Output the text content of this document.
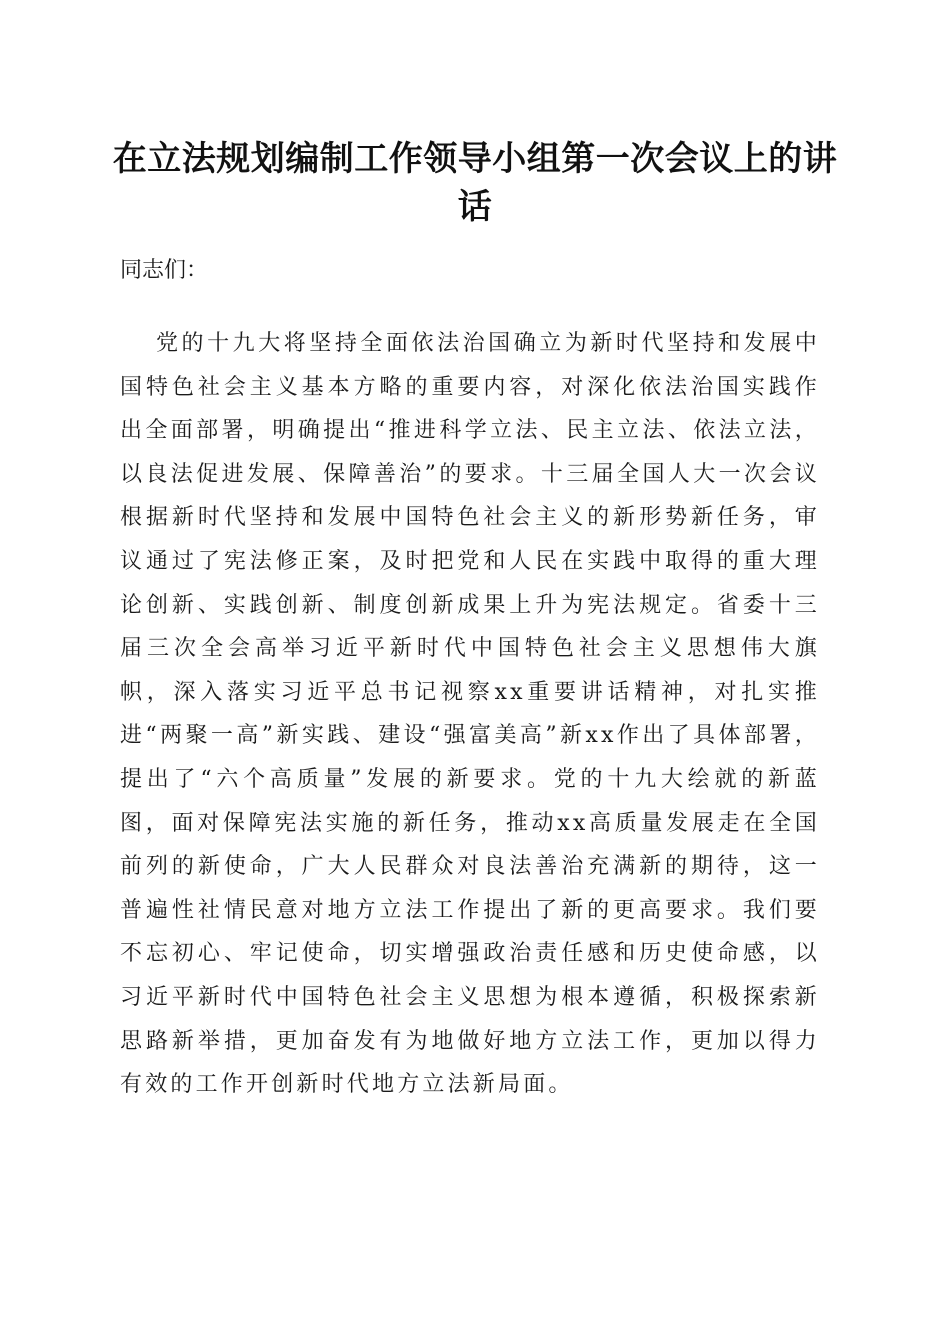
在立法规划编制工作领导小组第一次会议上的讲话

同志们：

党的十九大将坚持全面依法治国确立为新时代坚持和发展中国特色社会主义基本方略的重要内容，对深化依法治国实践作出全面部署，明确提出“推进科学立法、民主立法、依法立法，以良法促进发展、保障善治”的要求。十三届全国人大一次会议根据新时代坚持和发展中国特色社会主义的新形势新任务，审议通过了宪法修正案，及时把党和人民在实践中取得的重大理论创新、实践创新、制度创新成果上升为宪法规定。省委十三届三次全会高举习近平新时代中国特色社会主义思想伟大旗帜，深入落实习近平总书记视察xx重要讲话精神，对扎实推进“两聚一高”新实践、建设“强富美高”新xx作出了具体部署，提出了“六个高质量”发展的新要求。党的十九大绘就的新蓝图，面对保障宪法实施的新任务，推动xx高质量发展走在全国前列的新使命，广大人民群众对良法善治充满新的期待，这一普遍性社情民意对地方立法工作提出了新的更高要求。我们要不忘初心、牢记使命，切实增强政治责任感和历史使命感，以习近平新时代中国特色社会主义思想为根本遵循，积极探索新思路新举措，更加奋发有为地做好地方立法工作，更加以得力有效的工作开创新时代地方立法新局面。
